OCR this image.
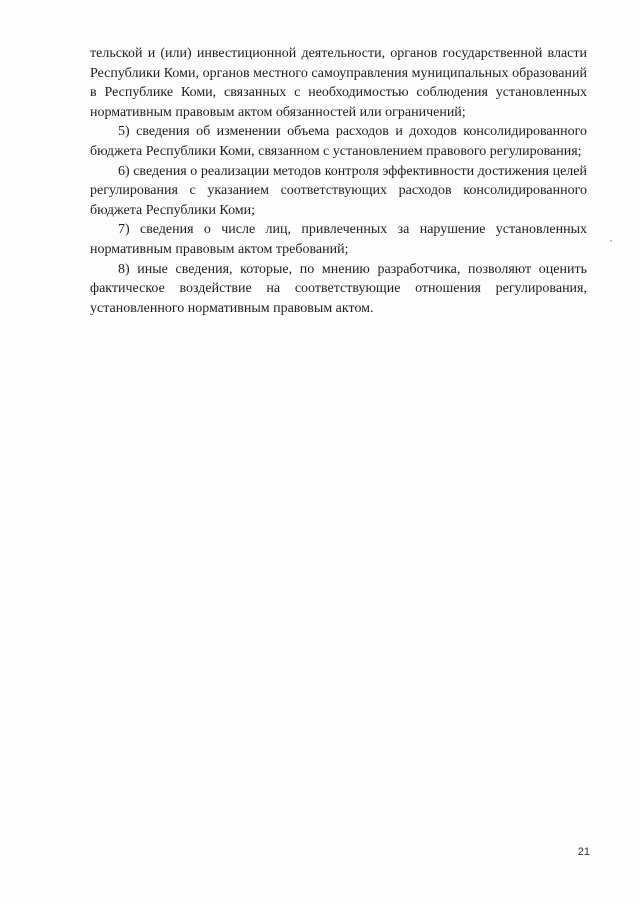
тельской и (или) инвестиционной деятельности, органов государственной власти Республики Коми, органов местного самоуправления муниципальных образований в Республике Коми, связанных с необходимостью соблюдения установленных нормативным правовым актом обязанностей или ограничений;

5) сведения об изменении объема расходов и доходов консолидированного бюджета Республики Коми, связанном с установлением правового регулирования;

6) сведения о реализации методов контроля эффективности достижения целей регулирования с указанием соответствующих расходов консолидированного бюджета Республики Коми;

7) сведения о числе лиц, привлеченных за нарушение установленных нормативным правовым актом требований;

8) иные сведения, которые, по мнению разработчика, позволяют оценить фактическое воздействие на соответствующие отношения регулирования, установленного нормативным правовым актом.

21
